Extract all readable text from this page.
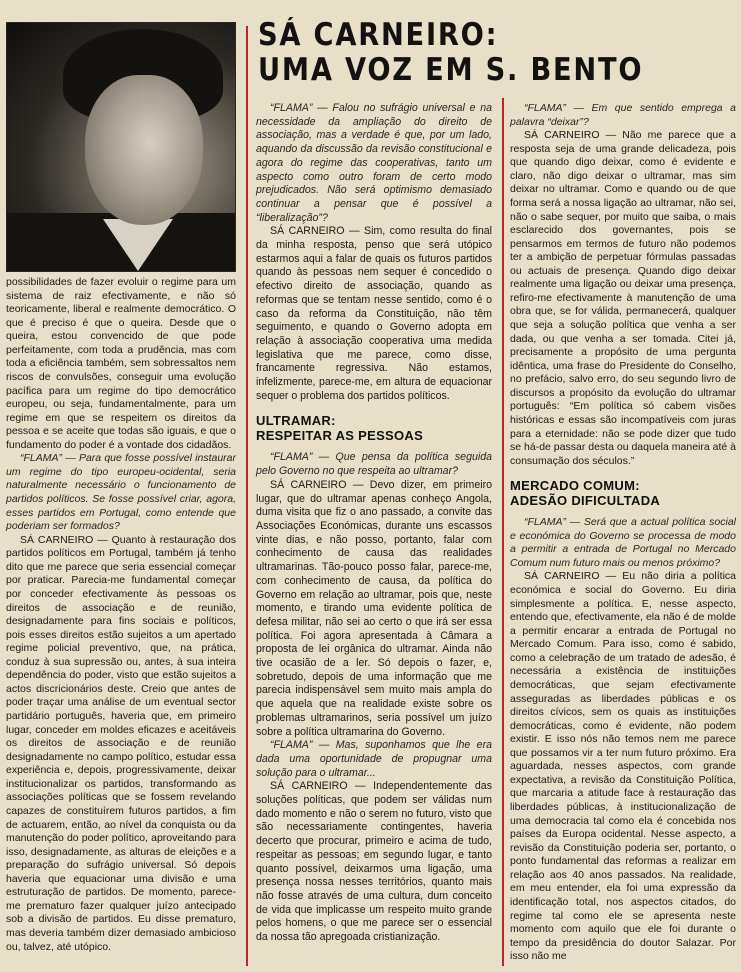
SÁ CARNEIRO:
UMA VOZ EM S. BENTO

possibilidades de fazer evoluir o regime para um sistema de raiz efectivamente, e não só teoricamente, liberal e realmente democrático. O que é preciso é que o queira. Desde que o queira, estou convencido de que pode perfeitamente, com toda a prudência, mas com toda a eficiência também, sem sobressaltos nem riscos de convulsões, conseguir uma evolução pacífica para um regime do tipo democrático europeu, ou seja, fundamentalmente, para um regime em que se respeitem os direitos da pessoa e se aceite que todas são iguais, e que o fundamento do poder é a vontade dos cidadãos.

“FLAMA” — Para que fosse possível instaurar um regime do tipo europeu-ocidental, seria naturalmente necessário o funcionamento de partidos políticos. Se fosse possível criar, agora, esses partidos em Portugal, como entende que poderiam ser formados?

SÁ CARNEIRO — Quanto à restauração dos partidos políticos em Portugal, também já tenho dito que me parece que seria essencial começar por praticar. Parecia-me fundamental começar por conceder efectivamente às pessoas os direitos de associação e de reunião, designadamente para fins sociais e políticos, pois esses direitos estão sujeitos a um apertado regime policial preventivo, que, na prática, conduz à sua supressão ou, antes, à sua inteira dependência do poder, visto que estão sujeitos a actos discricionários deste. Creio que antes de poder traçar uma análise de um eventual sector partidário português, haveria que, em primeiro lugar, conceder em moldes eficazes e aceitáveis os direitos de associação e de reunião designadamente no campo político, estudar essa experiência e, depois, progressivamente, deixar institucionalizar os partidos, transformando as associações políticas que se fossem revelando capazes de constituírem futuros partidos, a fim de actuarem, então, ao nível da conquista ou da manutenção do poder político, aproveitando para isso, designadamente, as alturas de eleições e a preparação do sufrágio universal. Só depois haveria que equacionar uma divisão e uma estruturação de partidos. De momento, parece-me prematuro fazer qualquer juízo antecipado sob a divisão de partidos. Eu disse prematuro, mas deveria também dizer demasiado ambicioso ou, talvez, até utópico.

“FLAMA” — Falou no sufrágio universal e na necessidade da ampliação do direito de associação, mas a verdade é que, por um lado, aquando da discussão da revisão constitucional e agora do regime das cooperativas, tanto um aspecto como outro foram de certo modo prejudicados. Não será optimismo demasiado continuar a pensar que é possível a “liberalização”?

SÁ CARNEIRO — Sim, como resulta do final da minha resposta, penso que será utópico estarmos aqui a falar de quais os futuros partidos quando às pessoas nem sequer é concedido o efectivo direito de associação, quando as reformas que se tentam nesse sentido, como é o caso da reforma da Constituição, não têm seguimento, e quando o Governo adopta em relação à associação cooperativa uma medida legislativa que me parece, como disse, francamente regressiva. Não estamos, infelizmente, parece-me, em altura de equacionar sequer o problema dos partidos políticos.

ULTRAMAR:
RESPEITAR AS PESSOAS

“FLAMA” — Que pensa da política seguida pelo Governo no que respeita ao ultramar?

SÁ CARNEIRO — Devo dizer, em primeiro lugar, que do ultramar apenas conheço Angola, duma visita que fiz o ano passado, a convite das Associações Económicas, durante uns escassos vinte dias, e não posso, portanto, falar com conhecimento de causa das realidades ultramarinas. Tão-pouco posso falar, parece-me, com conhecimento de causa, da política do Governo em relação ao ultramar, pois que, neste momento, e tirando uma evidente política de defesa militar, não sei ao certo o que irá ser essa política. Foi agora apresentada à Câmara a proposta de lei orgânica do ultramar. Ainda não tive ocasião de a ler. Só depois o fazer, e, sobretudo, depois de uma informação que me parecia indispensável sem muito mais ampla do que aquela que na realidade existe sobre os problemas ultramarinos, seria possível um juízo sobre a política ultramarina do Governo.

“FLAMA” — Mas, suponhamos que lhe era dada uma oportunidade de propugnar uma solução para o ultramar...

SÁ CARNEIRO — Independentemente das soluções políticas, que podem ser válidas num dado momento e não o serem no futuro, visto que são necessariamente contingentes, haveria decerto que procurar, primeiro e acima de tudo, respeitar as pessoas; em segundo lugar, e tanto quanto possível, deixarmos uma ligação, uma presença nossa nesses territórios, quanto mais não fosse através de uma cultura, dum conceito de vida que implicasse um respeito muito grande pelos homens, o que me parece ser o essencial da nossa tão apregoada cristianização.

“FLAMA” — Em que sentido emprega a palavra “deixar”?

SÁ CARNEIRO — Não me parece que a resposta seja de uma grande delicadeza, pois que quando digo deixar, como é evidente e claro, não digo deixar o ultramar, mas sim deixar no ultramar. Como e quando ou de que forma será a nossa ligação ao ultramar, não sei, não o sabe sequer, por muito que saiba, o mais esclarecido dos governantes, pois se pensarmos em termos de futuro não podemos ter a ambição de perpetuar fórmulas passadas ou actuais de presença. Quando digo deixar realmente uma ligação ou deixar uma presença, refiro-me efectivamente à manutenção de uma obra que, se for válida, permanecerá, qualquer que seja a solução política que venha a ser dada, ou que venha a ser tomada. Citei já, precisamente a propósito de uma pergunta idêntica, uma frase do Presidente do Conselho, no prefácio, salvo erro, do seu segundo livro de discursos a propósito da evolução do ultramar português: “Em política só cabem visões históricas e essas são incompatíveis com juras para a eternidade: não se pode dizer que tudo se há-de passar desta ou daquela maneira até à consumação dos séculos.”

MERCADO COMUM:
ADESÃO DIFICULTADA

“FLAMA” — Será que a actual política social e económica do Governo se processa de modo a permitir a entrada de Portugal no Mercado Comum num futuro mais ou menos próximo?

SÁ CARNEIRO — Eu não diria a política económica e social do Governo. Eu diria simplesmente a política. E, nesse aspecto, entendo que, efectivamente, ela não é de molde a permitir encarar a entrada de Portugal no Mercado Comum. Para isso, como é sabido, como a celebração de um tratado de adesão, é necessária a existência de instituições democráticas, que sejam efectivamente asseguradas as liberdades públicas e os direitos cívicos, sem os quais as instituições democráticas, como é evidente, não podem existir. E isso nós não temos nem me parece que possamos vir a ter num futuro próximo. Era aguardada, nesses aspectos, com grande expectativa, a revisão da Constituição Política, que marcaria a atitude face à restauração das liberdades públicas, à institucionalização de uma democracia tal como ela é concebida nos países da Europa ocidental. Nesse aspecto, a revisão da Constituição poderia ser, portanto, o ponto fundamental das reformas a realizar em relação aos 40 anos passados. Na realidade, em meu entender, ela foi uma expressão da identificação total, nos aspectos citados, do regime tal como ele se apresenta neste momento com aquilo que ele foi durante o tempo da presidência do doutor Salazar. Por isso não me
